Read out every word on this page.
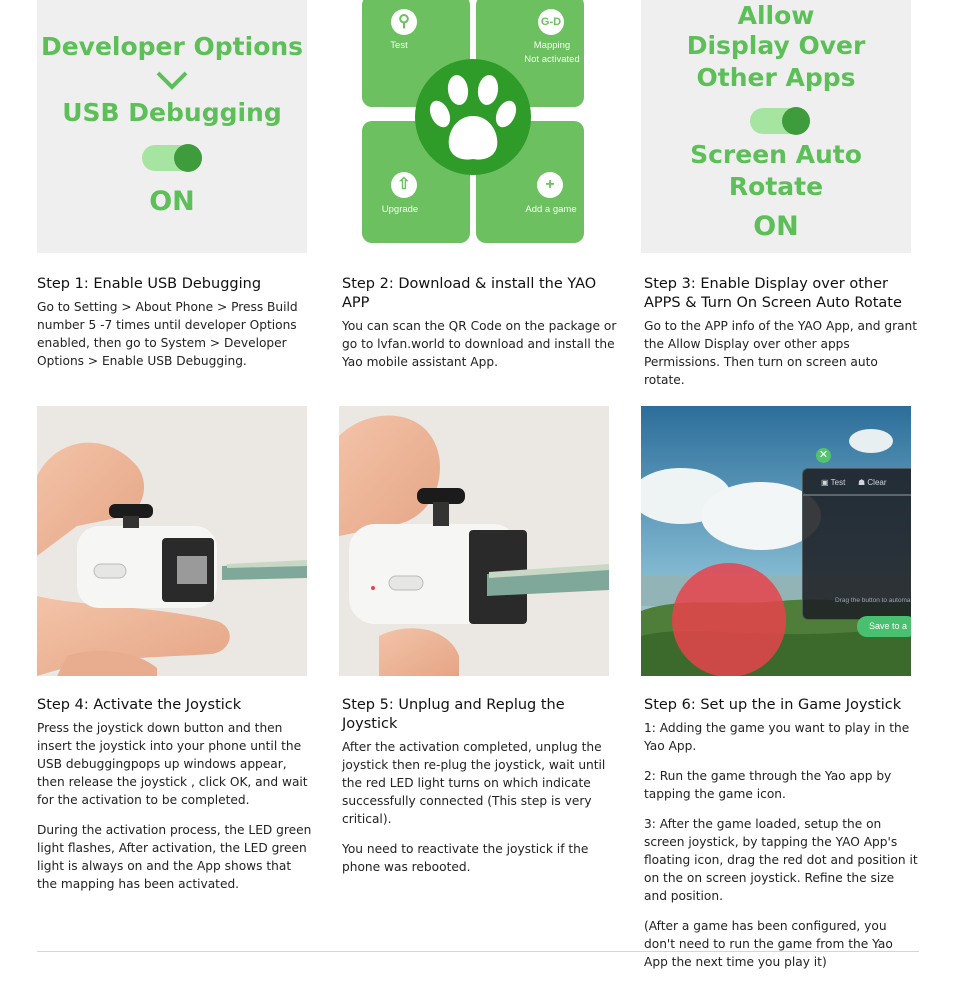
Developer Options
USB Debugging
ON
⚲
Test
G-D
Mapping
Not activated
⇧
Upgrade
+
Add a game
Allow
Display Over
Other Apps
Screen Auto
Rotate
ON
Step 1: Enable USB Debugging

Go to Setting > About Phone > Press Build number 5 -7 times until developer Options enabled, then go to System > Developer Options > Enable USB Debugging.

Step 2: Download & install the YAO APP

You can scan the QR Code on the package or go to lvfan.world to download and install the Yao mobile assistant App.

Step 3: Enable Display over other APPS & Turn On Screen Auto Rotate

Go to the APP info of the YAO App, and grant the Allow Display over other apps Permissions. Then turn on screen auto rotate.

✕
▣ Test ☗ Clear
Drag the button to automa
Save to a
Step 4: Activate the Joystick

Press the joystick down button and then insert the joystick into your phone until the USB debuggingpops up windows appear, then release the joystick , click OK, and wait for the activation to be completed.

During the activation process, the LED green light flashes, After activation, the LED green light is always on and the App shows that the mapping has been activated.

Step 5: Unplug and Replug the Joystick

After the activation completed, unplug the joystick then re-plug the joystick, wait until the red LED light turns on which indicate successfully connected (This step is very critical).

You need to reactivate the joystick if the phone was rebooted.

Step 6: Set up the in Game Joystick

1: Adding the game you want to play in the Yao App.

2: Run the game through the Yao app by tapping the game icon.

3: After the game loaded, setup the on screen joystick, by tapping the YAO App's floating icon, drag the red dot and position it on the on screen joystick. Refine the size and position.

(After a game has been configured, you don't need to run the game from the Yao App the next time you play it)
